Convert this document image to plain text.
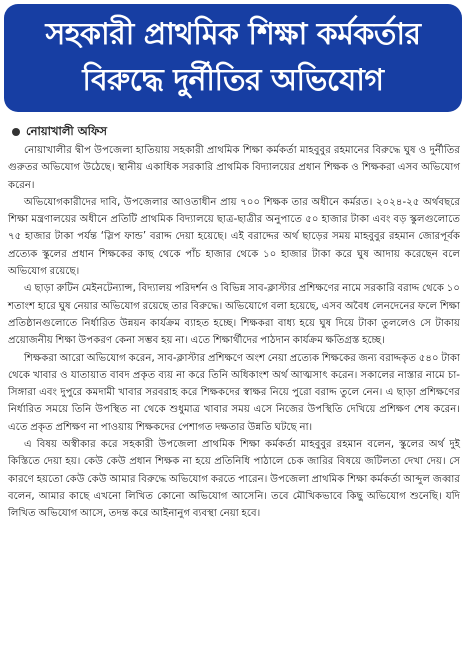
সহকারী প্রাথমিক শিক্ষা কর্মকর্তার
বিরুদ্ধে দুর্নীতির অভিযোগ
নোয়াখালী অফিস

নোয়াখালীর দ্বীপ উপজেলা হাতিয়ায় সহকারী প্রাথমিক শিক্ষা কর্মকর্তা মাহবুবুর রহমানের বিরুদ্ধে ঘুষ ও দুর্নীতির গুরুতর অভিযোগ উঠেছে। স্থানীয় একাধিক সরকারি প্রাথমিক বিদ্যালয়ের প্রধান শিক্ষক ও শিক্ষকরা এসব অভিযোগ করেন।

অভিযোগকারীদের দাবি, উপজেলার আওতাধীন প্রায় ৭০০ শিক্ষক তার অধীনে কর্মরত। ২০২৪-২৫ অর্থবছরে শিক্ষা মন্ত্রণালয়ের অধীনে প্রতিটি প্রাথমিক বিদ্যালয়ে ছাত্র-ছাত্রীর অনুপাতে ৫০ হাজার টাকা এবং বড় স্কুলগুলোতে ৭৫ হাজার টাকা পর্যন্ত ‘স্লিপ ফান্ড’ বরাদ্দ দেয়া হয়েছে। এই বরাদ্দের অর্থ ছাড়ের সময় মাহবুবুর রহমান জোরপূর্বক প্রত্যেক স্কুলের প্রধান শিক্ষকের কাছ থেকে পাঁচ হাজার থেকে ১০ হাজার টাকা করে ঘুষ আদায় করেছেন বলে অভিযোগ রয়েছে।

এ ছাড়া রুটিন মেইনটেন্যান্স, বিদ্যালয় পরিদর্শন ও বিভিন্ন সাব-ক্লাস্টার প্রশিক্ষণের নামে সরকারি বরাদ্দ থেকে ১০ শতাংশ হারে ঘুষ নেয়ার অভিযোগ রয়েছে তার বিরুদ্ধে। অভিযোগে বলা হয়েছে, এসব অবৈধ লেনদেনের ফলে শিক্ষা প্রতিষ্ঠানগুলোতে নির্ধারিত উন্নয়ন কার্যক্রম ব্যাহত হচ্ছে। শিক্ষকরা বাধ্য হয়ে ঘুষ দিয়ে টাকা তুললেও সে টাকায় প্রয়োজনীয় শিক্ষা উপকরণ কেনা সম্ভব হয় না। এতে শিক্ষার্থীদের পাঠদান কার্যক্রম ক্ষতিগ্রস্ত হচ্ছে।

শিক্ষকরা আরো অভিযোগ করেন, সাব-ক্লাস্টার প্রশিক্ষণে অংশ নেয়া প্রত্যেক শিক্ষকের জন্য বরাদ্দকৃত ৫৪০ টাকা থেকে খাবার ও যাতায়াত বাবদ প্রকৃত ব্যয় না করে তিনি অধিকাংশ অর্থ আত্মসাৎ করেন। সকালের নাস্তার নামে চা-সিঙ্গারা এবং দুপুরে কমদামী খাবার সরবরাহ করে শিক্ষকদের স্বাক্ষর নিয়ে পুরো বরাদ্দ তুলে নেন। এ ছাড়া প্রশিক্ষণের নির্ধারিত সময়ে তিনি উপস্থিত না থেকে শুধুমাত্র খাবার সময় এসে নিজের উপস্থিতি দেখিয়ে প্রশিক্ষণ শেষ করেন। এতে প্রকৃত প্রশিক্ষণ না পাওয়ায় শিক্ষকদের পেশাগত দক্ষতার উন্নতি ঘটছে না।

এ বিষয় অস্বীকার করে সহকারী উপজেলা প্রাথমিক শিক্ষা কর্মকর্তা মাহবুবুর রহমান বলেন, স্কুলের অর্থ দুই কিস্তিতে দেয়া হয়। কেউ কেউ প্রধান শিক্ষক না হয়ে প্রতিনিধি পাঠালে চেক জারির বিষয়ে জটিলতা দেখা দেয়। সে কারণে হয়তো কেউ কেউ আমার বিরুদ্ধে অভিযোগ করতে পারেন। উপজেলা প্রাথমিক শিক্ষা কর্মকর্তা আব্দুল জব্বার বলেন, আমার কাছে এখনো লিখিত কোনো অভিযোগ আসেনি। তবে মৌখিকভাবে কিছু অভিযোগ শুনেছি। যদি লিখিত অভিযোগ আসে, তদন্ত করে আইনানুগ ব্যবস্থা নেয়া হবে।
